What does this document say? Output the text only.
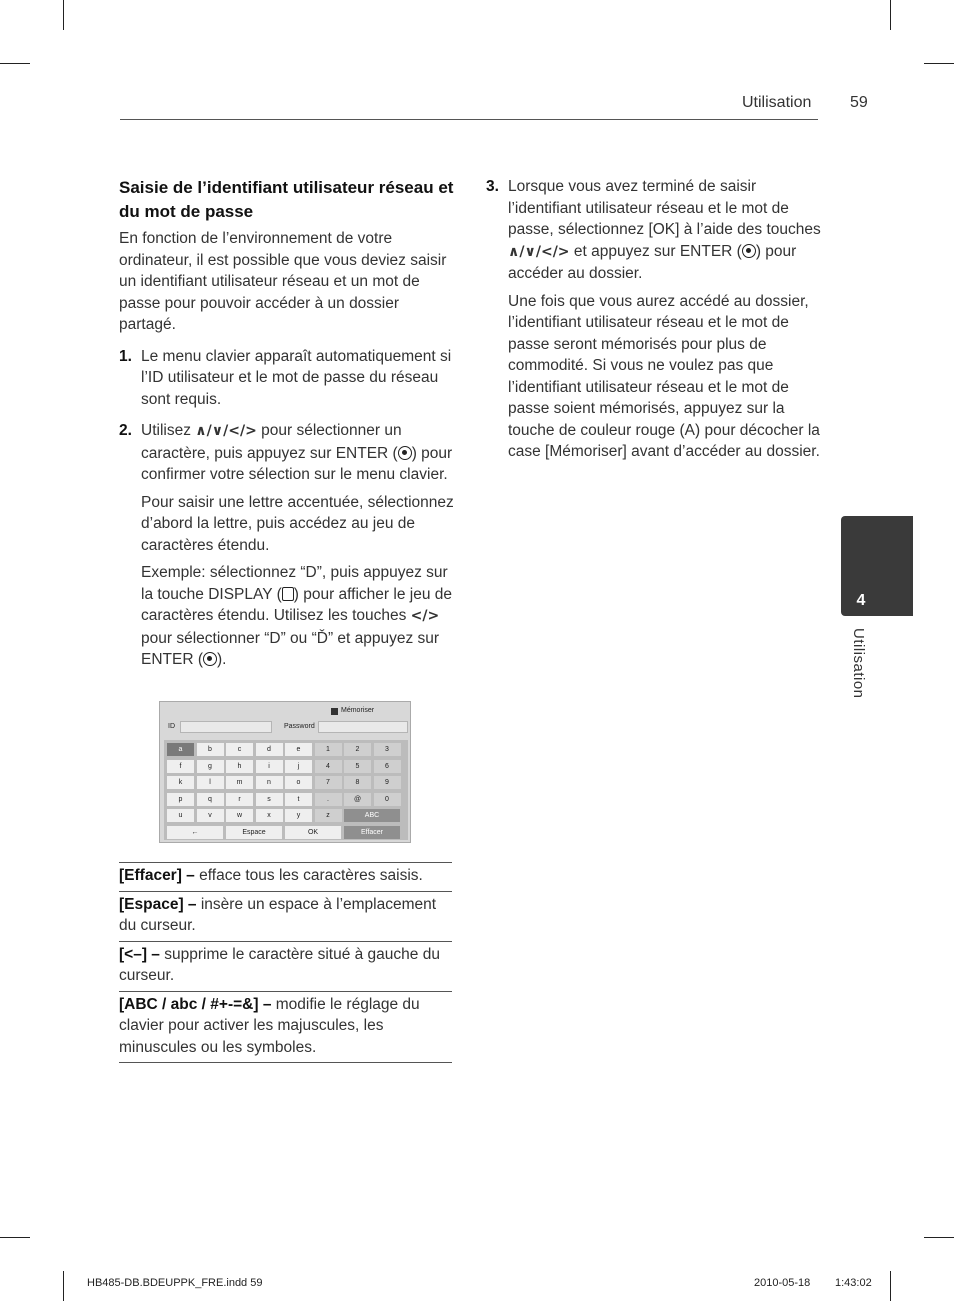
Utilisation 59
Saisie de l’identifiant utilisateur réseau et du mot de passe

En fonction de l’environnement de votre ordinateur, il est possible que vous deviez saisir un identifiant utilisateur réseau et un mot de passe pour pouvoir accéder à un dossier partagé.

1. Le menu clavier apparaît automatiquement si l’ID utilisateur et le mot de passe du réseau sont requis.

2. Utilisez ∧/∨/</> pour sélectionner un caractère, puis appuyez sur ENTER ( ) pour confirmer votre sélection sur le menu clavier.

Pour saisir une lettre accentuée, sélectionnez d’abord la lettre, puis accédez au jeu de caractères étendu.

Exemple: sélectionnez “D”, puis appuyez sur la touche DISPLAY ( ) pour afficher le jeu de caractères étendu. Utilisez les touches </> pour sélectionner “D” ou “Ď” et appuyez sur ENTER ( ).

Mémoriser
ID	Password
a	b	c	d	e	1	2	3
f	g	h	i	j	4	5	6
k	l	m	n	o	7	8	9
p	q	r	s	t	.	@	0
u	v	w	x	y	z	ABC
←	Espace	OK	Effacer
3. Lorsque vous avez terminé de saisir l’identifiant utilisateur réseau et le mot de passe, sélectionnez [OK] à l’aide des touches ∧/∨/</> et appuyez sur ENTER ( ) pour accéder au dossier.

Une fois que vous aurez accédé au dossier, l’identifiant utilisateur réseau et le mot de passe seront mémorisés pour plus de commodité. Si vous ne voulez pas que l’identifiant utilisateur réseau et le mot de passe soient mémorisés, appuyez sur la touche de couleur rouge (A) pour décocher la case [Mémoriser] avant d’accéder au dossier.

[Effacer] – efface tous les caractères saisis.
[Espace] – insère un espace à l’emplacement du curseur.
[<–] – supprime le caractère situé à gauche du curseur.
[ABC / abc / #+-=&] – modifie le réglage du clavier pour activer les majuscules, les minuscules ou les symboles.
4
Utilisation
HB485-DB.BDEUPPK_FRE.indd 59	2010-05-18 1:43:02
